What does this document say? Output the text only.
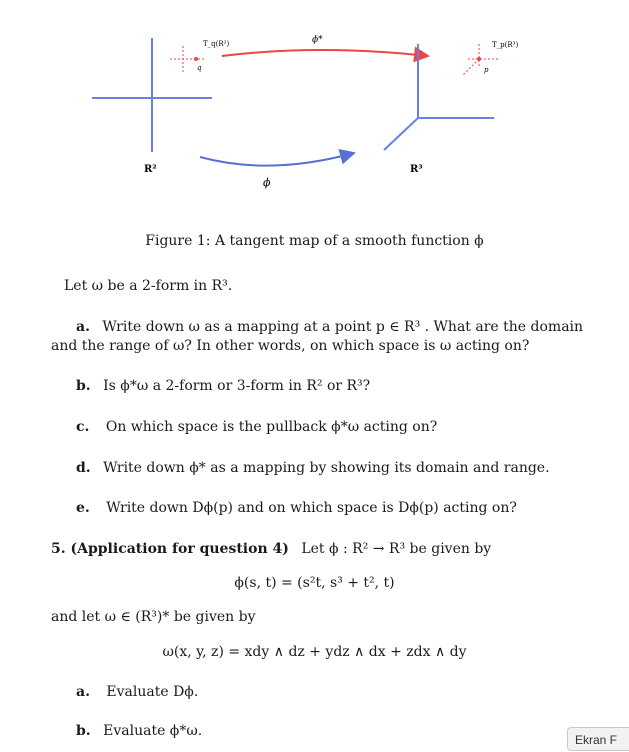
T_q(R²)
q
ϕ*	T_p(R³)
p
ϕ
R²	R³
Figure 1: A tangent map of a smooth function ϕ
Let ω be a 2-form in R³.
a. Write down ω as a mapping at a point p ∈ R³ . What are the domain
and the range of ω? In other words, on which space is ω acting on?
b. Is ϕ*ω a 2-form or 3-form in R² or R³?
c. On which space is the pullback ϕ*ω acting on?
d. Write down ϕ* as a mapping by showing its domain and range.
e. Write down Dϕ(p) and on which space is Dϕ(p) acting on?
5. (Application for question 4) Let ϕ : R² → R³ be given by
ϕ(s, t) = (s²t, s³ + t², t)
and let ω ∈ (R³)* be given by
ω(x, y, z) = xdy ∧ dz + ydz ∧ dx + zdx ∧ dy
a. Evaluate Dϕ.
b. Evaluate ϕ*ω.
Ekran F
